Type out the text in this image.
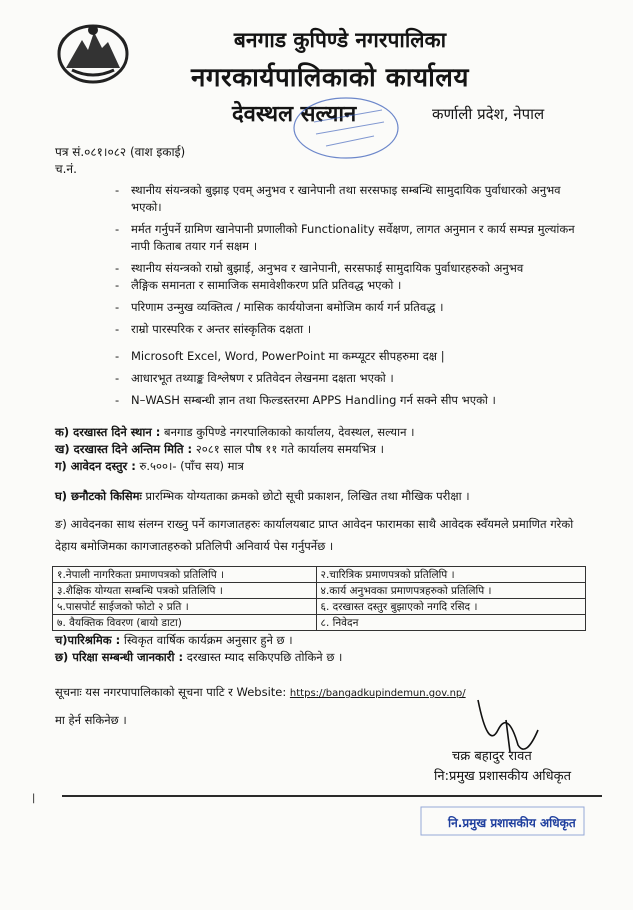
बनगाड कुपिण्डे नगरपालिका
नगरकार्यपालिकाको कार्यालय
देवस्थल सल्यान	कर्णाली प्रदेश, नेपाल
पत्र सं.०८१।०८२ (वाश इकाई)
च.नं.
- स्थानीय संयन्त्रको बुझाइ एवम् अनुभव र खानेपानी तथा सरसफाइ सम्बन्धि सामुदायिक पुर्वाधारको अनुभव भएको।
- मर्मत गर्नुपर्ने ग्रामिण खानेपानी प्रणालीको Functionality सर्वेक्षण, लागत अनुमान र कार्य सम्पन्न मुल्यांकन नापी किताब तयार गर्न सक्षम ।
- स्थानीय संयन्त्रको राम्रो बुझाई, अनुभव र खानेपानी, सरसफाई सामुदायिक पुर्वाधारहरुको अनुभव
- लैङ्गिक समानता र सामाजिक समावेशीकरण प्रति प्रतिवद्ध भएको ।
- परिणाम उन्मुख व्यक्तित्व / मासिक कार्ययोजना बमोजिम कार्य गर्न प्रतिवद्ध ।
- राम्रो पारस्परिक र अन्तर सांस्कृतिक दक्षता ।
- Microsoft Excel, Word, PowerPoint मा कम्प्यूटर सीपहरुमा दक्ष |
- आधारभूत तथ्याङ्क विश्लेषण र प्रतिवेदन लेखनमा दक्षता भएको ।
- N–WASH सम्बन्धी ज्ञान तथा फिल्डस्तरमा APPS Handling गर्न सक्ने सीप भएको ।
क) दरखास्त दिने स्थान : बनगाड कुपिण्डे नगरपालिकाको कार्यालय, देवस्थल, सल्यान ।
ख) दरखास्त दिने अन्तिम मिति : २०८१ साल पौष ११ गते कार्यालय समयभित्र ।
ग) आवेदन दस्तुर : रु.५००।- (पाँच सय) मात्र
घ) छनौटको किसिमः प्रारम्भिक योग्यताका क्रमको छोटो सूची प्रकाशन, लिखित तथा मौखिक परीक्षा ।
ङ) आवेदनका साथ संलग्न राख्नु पर्ने कागजातहरुः कार्यालयबाट प्राप्त आवेदन फारामका साथै आवेदक स्वँयमले प्रमाणित गरेको देहाय बमोजिमका कागजातहरुको प्रतिलिपी अनिवार्य पेस गर्नुपर्नेछ ।
१.नेपाली नागरिकता प्रमाणपत्रको प्रतिलिपि ।	२.चारित्रिक प्रमाणपत्रको प्रतिलिपि ।
३.शैक्षिक योग्यता सम्बन्धि पत्रको प्रतिलिपि ।	४.कार्य अनुभवका प्रमाणपत्रहरुको प्रतिलिपि ।
५.पासपोर्ट साईजको फोटो २ प्रति ।	६. दरखास्त दस्तुर बुझाएको नगदि रसिद ।
७. वैयक्तिक विवरण (बायो डाटा)	८. निवेदन
च)पारिश्रमिक : स्विकृत वार्षिक कार्यक्रम अनुसार हुने छ ।
छ) परिक्षा सम्बन्धी जानकारी : दरखास्त म्याद सकिएपछि तोकिने छ ।
सूचनाः यस नगरपापालिकाको सूचना पाटि र Website: https://bangadkupindemun.gov.np/
मा हेर्न सकिनेछ ।
चक्र बहादुर रावत
नि:प्रमुख प्रशासकीय अधिकृत
|
नि.प्रमुख प्रशासकीय अधिकृत
